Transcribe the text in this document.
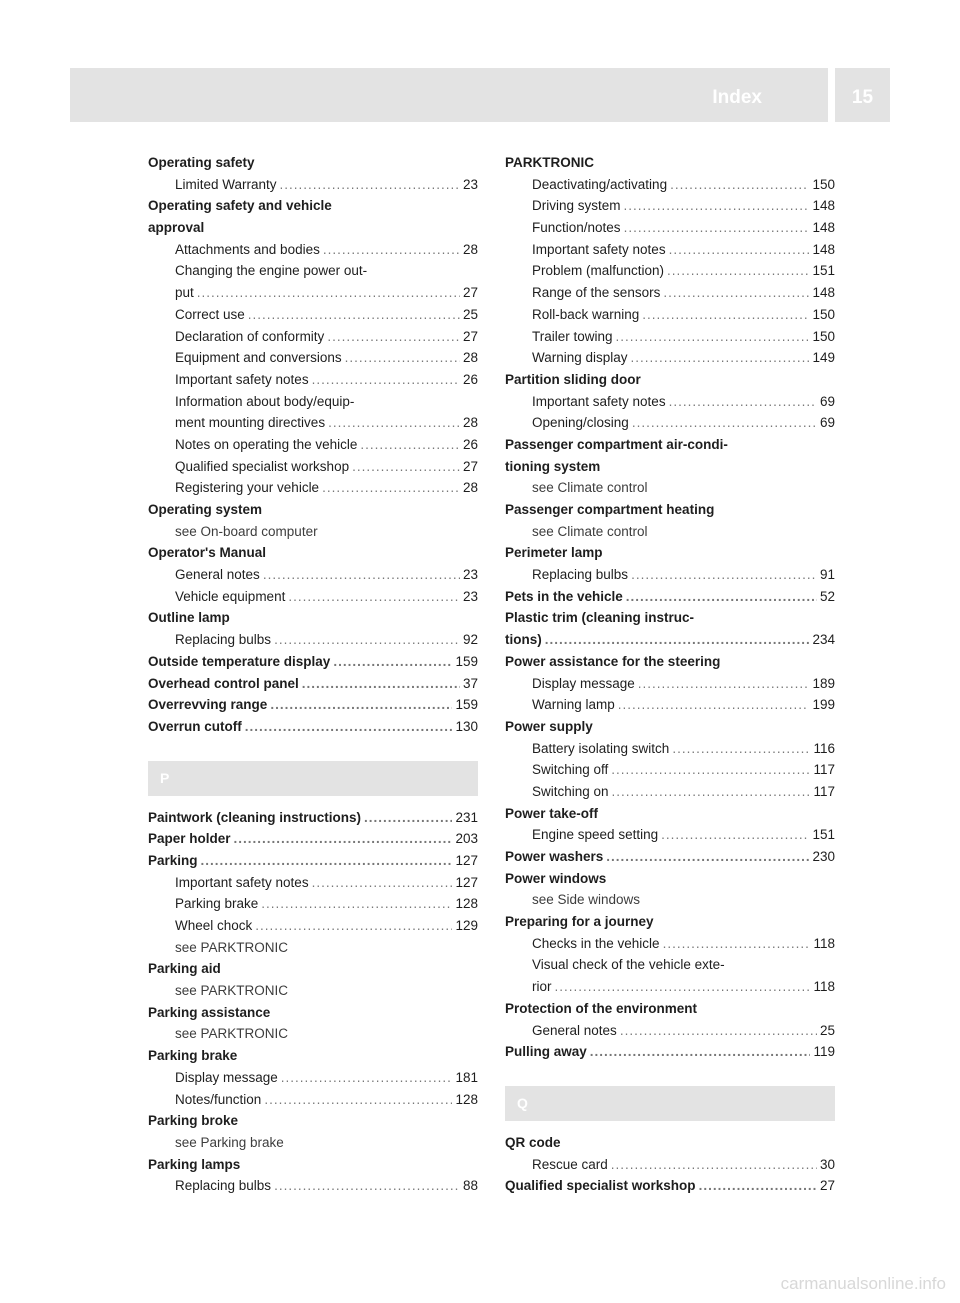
Index	15
Operating safety
Limited Warranty .....	23
Operating safety and vehicle
approval
Attachments and bodies .....	28
Changing the engine power out-
put .....	27
Correct use .....	25
Declaration of conformity .....	27
Equipment and conversions .....	28
Important safety notes .....	26
Information about body/equip-
ment mounting directives .....	28
Notes on operating the vehicle .....	26
Qualified specialist workshop .....	27
Registering your vehicle .....	28
Operating system
see On-board computer
Operator's Manual
General notes .....	23
Vehicle equipment .....	23
Outline lamp
Replacing bulbs .....	92
Outside temperature display .....	159
Overhead control panel .....	37
Overrevving range .....	159
Overrun cutoff .....	130
P
Paintwork (cleaning instructions) .....	231
Paper holder .....	203
Parking .....	127
Important safety notes .....	127
Parking brake .....	128
Wheel chock .....	129
see PARKTRONIC
Parking aid
see PARKTRONIC
Parking assistance
see PARKTRONIC
Parking brake
Display message .....	181
Notes/function .....	128
Parking broke
see Parking brake
Parking lamps
Replacing bulbs .....	88
PARKTRONIC
Deactivating/activating .....	150
Driving system .....	148
Function/notes .....	148
Important safety notes .....	148
Problem (malfunction) .....	151
Range of the sensors .....	148
Roll-back warning .....	150
Trailer towing .....	150
Warning display .....	149
Partition sliding door
Important safety notes .....	69
Opening/closing .....	69
Passenger compartment air-condi-
tioning system
see Climate control
Passenger compartment heating
see Climate control
Perimeter lamp
Replacing bulbs .....	91
Pets in the vehicle .....	52
Plastic trim (cleaning instruc-
tions) .....	234
Power assistance for the steering
Display message .....	189
Warning lamp .....	199
Power supply
Battery isolating switch .....	116
Switching off .....	117
Switching on .....	117
Power take-off
Engine speed setting .....	151
Power washers .....	230
Power windows
see Side windows
Preparing for a journey
Checks in the vehicle .....	118
Visual check of the vehicle exte-
rior .....	118
Protection of the environment
General notes .....	25
Pulling away .....	119
Q
QR code
Rescue card .....	30
Qualified specialist workshop .....	27
carmanualsonline.info
